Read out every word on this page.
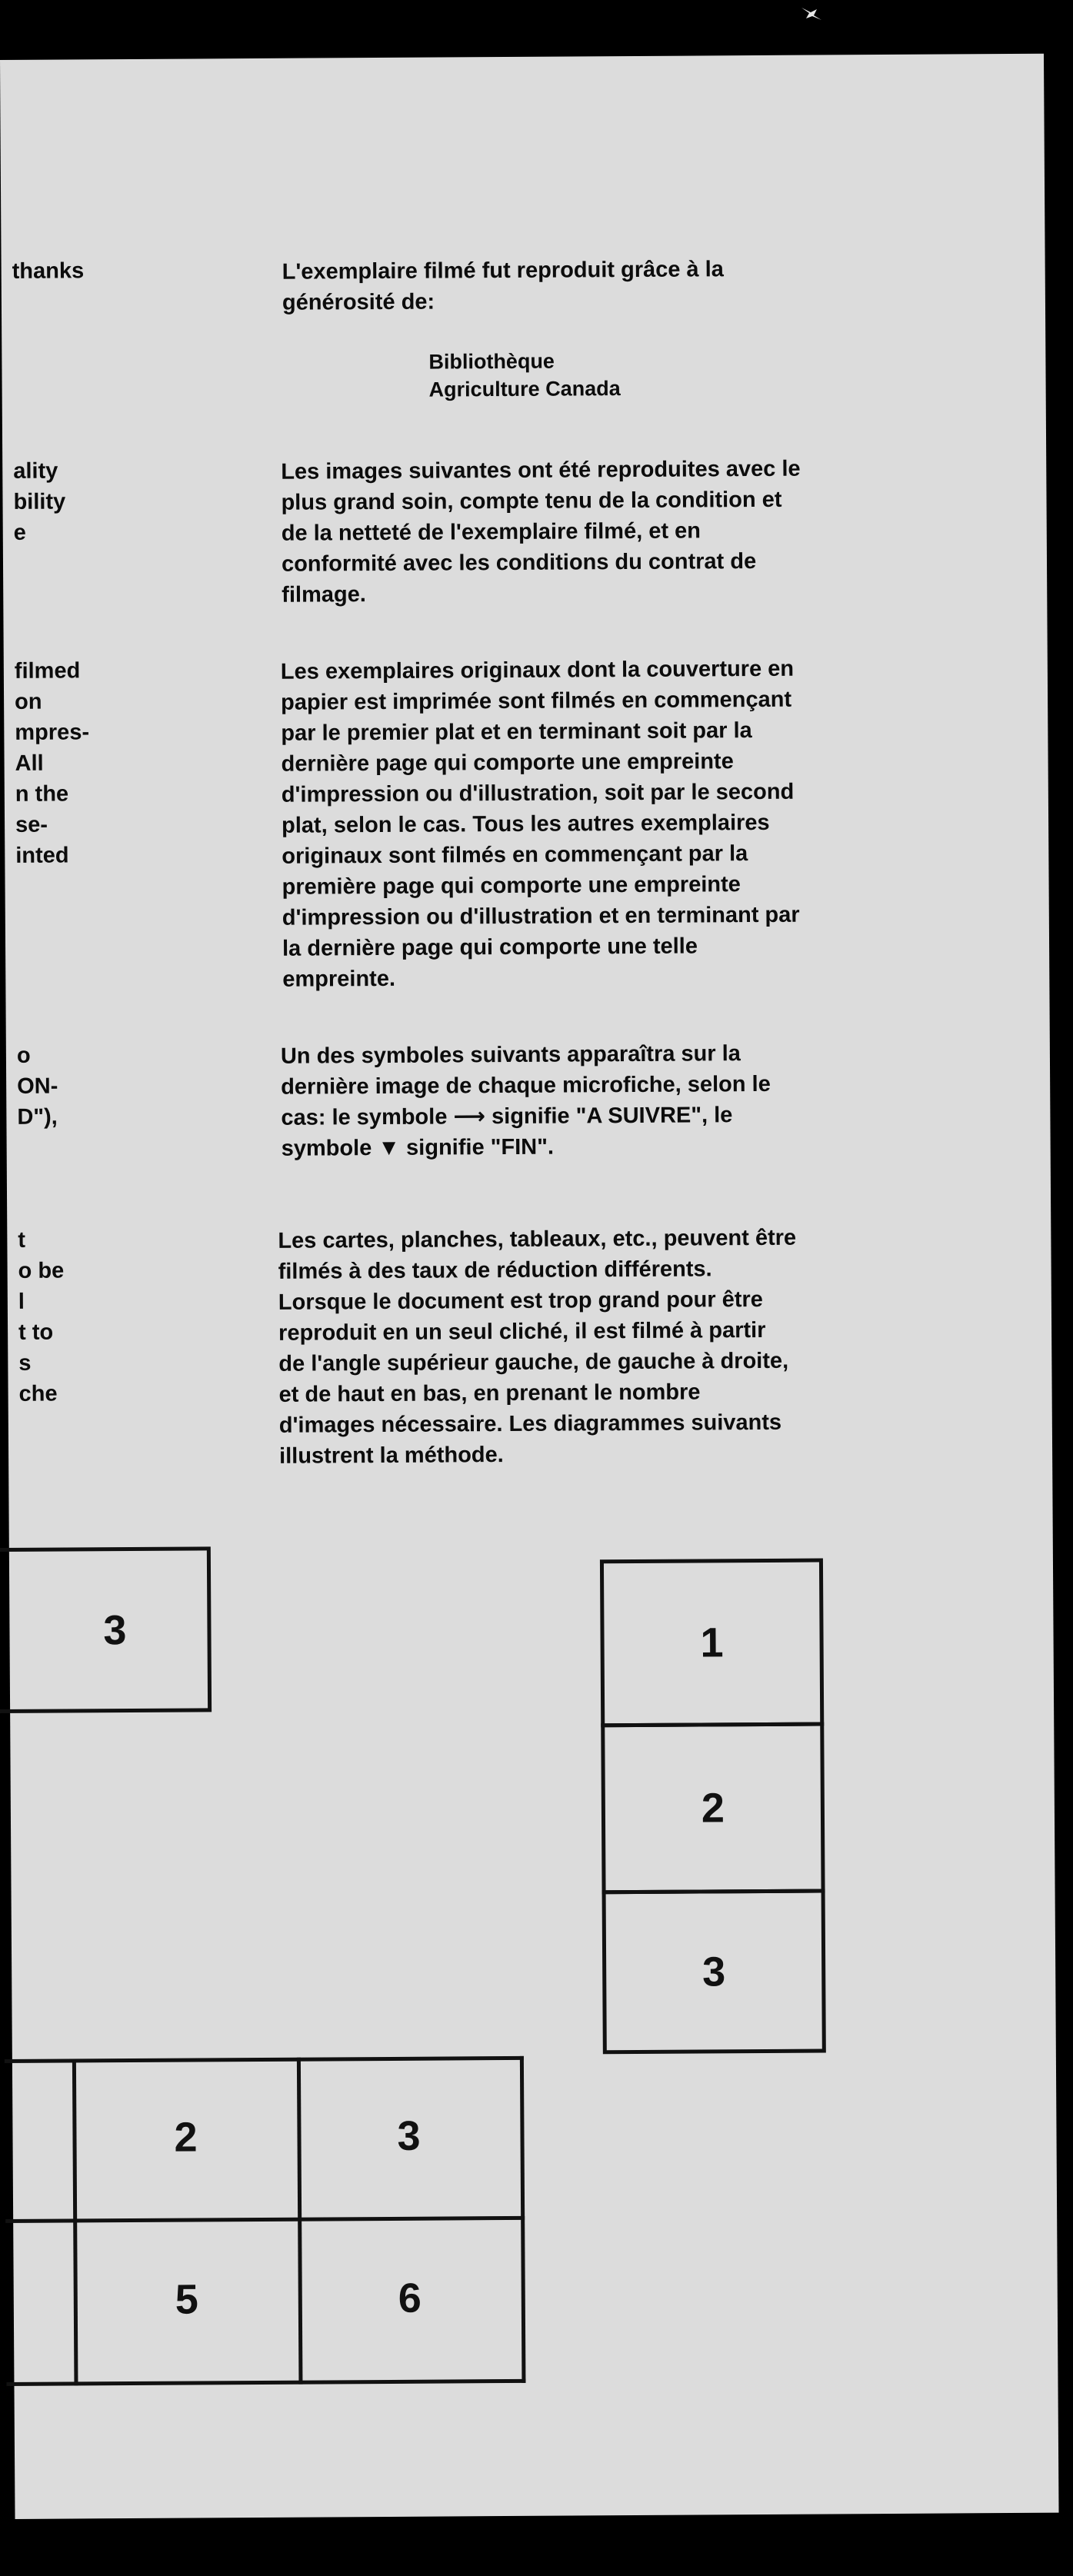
thanks
ality
bility
e
filmed
on
mpres-
All
n the
se-
inted
o
ON-
D"),
t
o be
l
t to
s
che

L'exemplaire filmé fut reproduit grâce à la

générosité de:

Bibliothèque

Agriculture Canada

Les images suivantes ont été reproduites avec le

plus grand soin, compte tenu de la condition et

de la netteté de l'exemplaire filmé, et en

conformité avec les conditions du contrat de

filmage.

Les exemplaires originaux dont la couverture en

papier est imprimée sont filmés en commençant

par le premier plat et en terminant soit par la

dernière page qui comporte une empreinte

d'impression ou d'illustration, soit par le second

plat, selon le cas. Tous les autres exemplaires

originaux sont filmés en commençant par la

première page qui comporte une empreinte

d'impression ou d'illustration et en terminant par

la dernière page qui comporte une telle

empreinte.

Un des symboles suivants apparaîtra sur la

dernière image de chaque microfiche, selon le

cas: le symbole ⟶ signifie "A SUIVRE", le

symbole ▼ signifie "FIN".

Les cartes, planches, tableaux, etc., peuvent être

filmés à des taux de réduction différents.

Lorsque le document est trop grand pour être

reproduit en un seul cliché, il est filmé à partir

de l'angle supérieur gauche, de gauche à droite,

et de haut en bas, en prenant le nombre

d'images nécessaire. Les diagrammes suivants

illustrent la méthode.

3	1
2
3
2	3
5	6
